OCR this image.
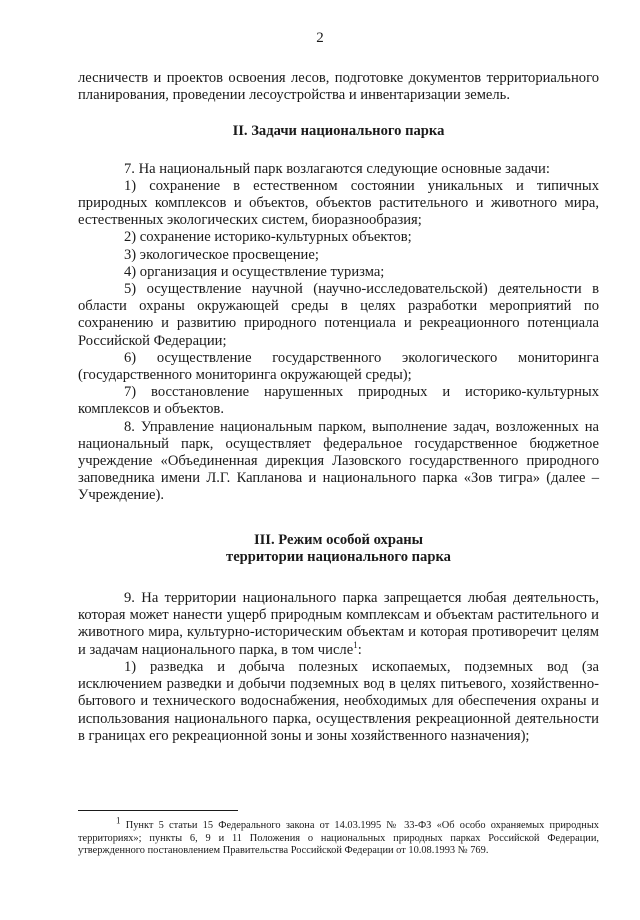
2

лесничеств и проектов освоения лесов, подготовке документов территориального планирования, проведении лесоустройства и инвентаризации земель.

II. Задачи национального парка

7. На национальный парк возлагаются следующие основные задачи:

1) сохранение в естественном состоянии уникальных и типичных природных комплексов и объектов, объектов растительного и животного мира, естественных экологических систем, биоразнообразия;

2) сохранение историко-культурных объектов;

3) экологическое просвещение;

4) организация и осуществление туризма;

5) осуществление научной (научно-исследовательской) деятельности в области охраны окружающей среды в целях разработки мероприятий по сохранению и развитию природного потенциала и рекреационного потенциала Российской Федерации;

6) осуществление государственного экологического мониторинга (государственного мониторинга окружающей среды);

7) восстановление нарушенных природных и историко-культурных комплексов и объектов.

8. Управление национальным парком, выполнение задач, возложенных на национальный парк, осуществляет федеральное государственное бюджетное учреждение «Объединенная дирекция Лазовского государственного природного заповедника имени Л.Г. Капланова и национального парка «Зов тигра» (далее – Учреждение).

III. Режим особой охраны

территории национального парка

9. На территории национального парка запрещается любая деятельность, которая может нанести ущерб природным комплексам и объектам растительного и животного мира, культурно-историческим объектам и которая противоречит целям и задачам национального парка, в том числе$^1$:

1) разведка и добыча полезных ископаемых, подземных вод (за исключением разведки и добычи подземных вод в целях питьевого, хозяйственно-бытового и технического водоснабжения, необходимых для обеспечения охраны и использования национального парка, осуществления рекреационной деятельности в границах его рекреационной зоны и зоны хозяйственного назначения);

1 Пункт 5 статьи 15 Федерального закона от 14.03.1995 № 33-ФЗ «Об особо охраняемых природных территориях»; пункты 6, 9 и 11 Положения о национальных природных парках Российской Федерации, утвержденного постановлением Правительства Российской Федерации от 10.08.1993 № 769.
